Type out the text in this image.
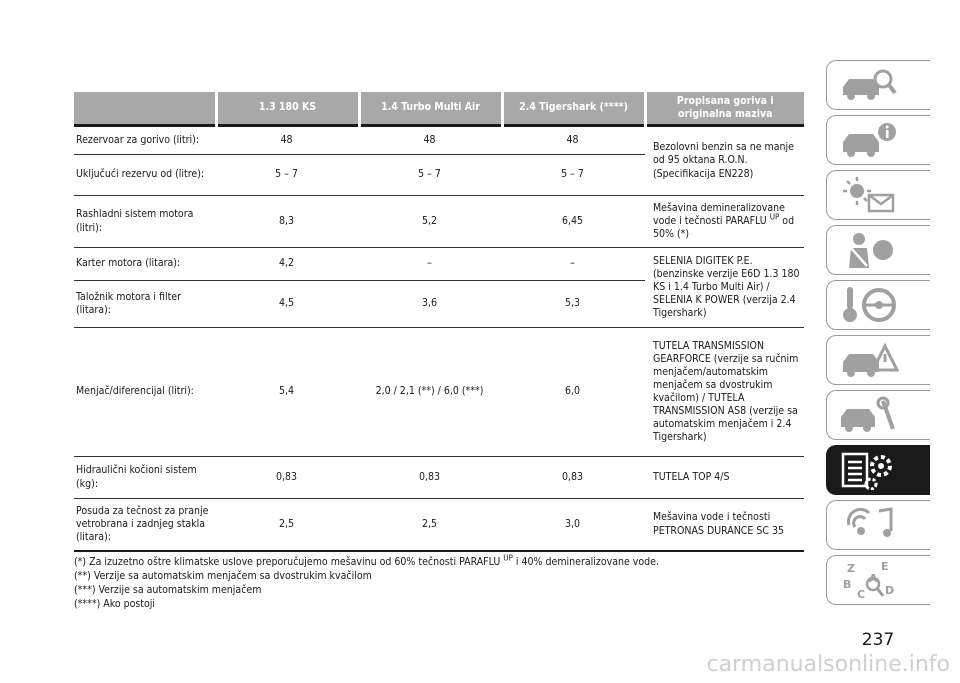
	1.3 180 KS	1.4 Turbo Multi Air	2.4 Tigershark (****)	Propisana goriva i originalna maziva
Rezervoar za gorivo (litri):	48	48	48	Bezolovni benzin sa ne manje od 95 oktana R.O.N. (Specifikacija EN228)
Uključući rezervu od (litre):	5 – 7	5 – 7	5 – 7	
Rashladni sistem motora (litri):	8,3	5,2	6,45	Mešavina demineralizovane vode i tečnosti PARAFLU $^{UP}$ od 50% (*)
Karter motora (litara):	4,2	–	–	SELENIA DIGITEK P.E. (benzinske verzije E6D 1.3 180 KS i 1.4 Turbo Multi Air) / SELENIA K POWER (verzija 2.4 Tigershark)
Taložnik motora i filter (litara):	4,5	3,6	5,3	
Menjač/diferencijal (litri):	5,4	2,0 / 2,1 (**) / 6,0 (***)	6,0	TUTELA TRANSMISSION GEARFORCE (verzije sa ručnim menjačem/automatskim menjačem sa dvostrukim kvačilom) / TUTELA TRANSMISSION AS8 (verzije sa automatskim menjačem i 2.4 Tigershark)
Hidraulični kočioni sistem (kg):	0,83	0,83	0,83	TUTELA TOP 4/S
Posuda za tečnost za pranje vetrobrana i zadnjeg stakla (litara):	2,5	2,5	3,0	Mešavina vode i tečnosti PETRONAS DURANCE SC 35
(*) Za izuzetno oštre klimatske uslove preporučujemo mešavinu od 60% tečnosti PARAFLU $^{UP}$ i 40% demineralizovane vode.
(**) Verzije sa automatskim menjačem sa dvostrukim kvačilom
(***) Verzije sa automatskim menjačem
(****) Ako postoji
Z E
A
B
C D
237
carmanualsonline.info
